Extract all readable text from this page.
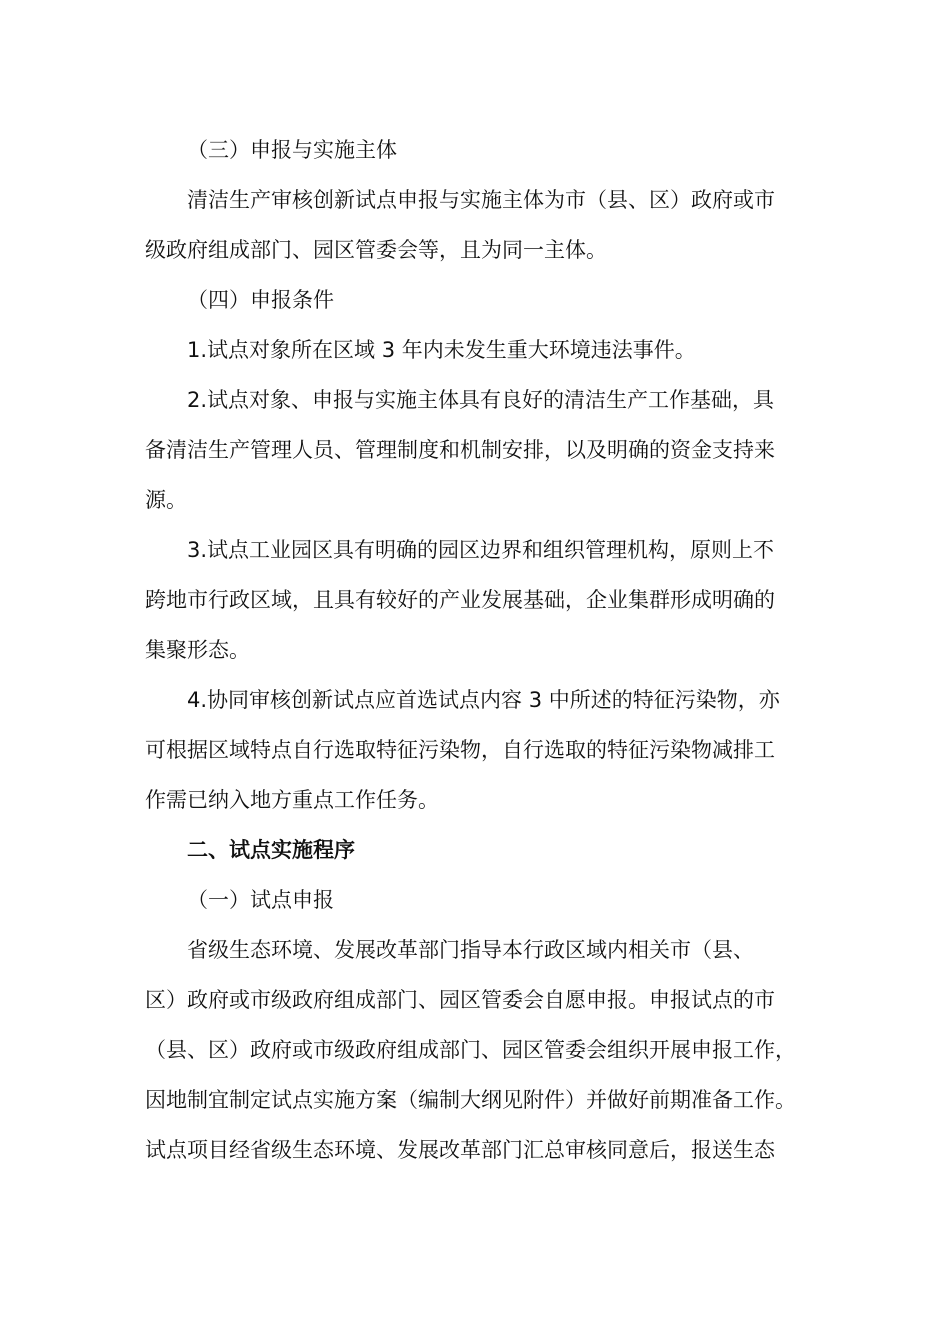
（三）申报与实施主体
清洁生产审核创新试点申报与实施主体为市（县、区）政府或市
级政府组成部门、园区管委会等，且为同一主体。
（四）申报条件
1.试点对象所在区域 3 年内未发生重大环境违法事件。
2.试点对象、申报与实施主体具有良好的清洁生产工作基础，具
备清洁生产管理人员、管理制度和机制安排，以及明确的资金支持来
源。
3.试点工业园区具有明确的园区边界和组织管理机构，原则上不
跨地市行政区域，且具有较好的产业发展基础，企业集群形成明确的
集聚形态。
4.协同审核创新试点应首选试点内容 3 中所述的特征污染物，亦
可根据区域特点自行选取特征污染物，自行选取的特征污染物减排工
作需已纳入地方重点工作任务。
二、试点实施程序
（一）试点申报
省级生态环境、发展改革部门指导本行政区域内相关市（县、
区）政府或市级政府组成部门、园区管委会自愿申报。申报试点的市
（县、区）政府或市级政府组成部门、园区管委会组织开展申报工作，
因地制宜制定试点实施方案（编制大纲见附件）并做好前期准备工作。
试点项目经省级生态环境、发展改革部门汇总审核同意后，报送生态
